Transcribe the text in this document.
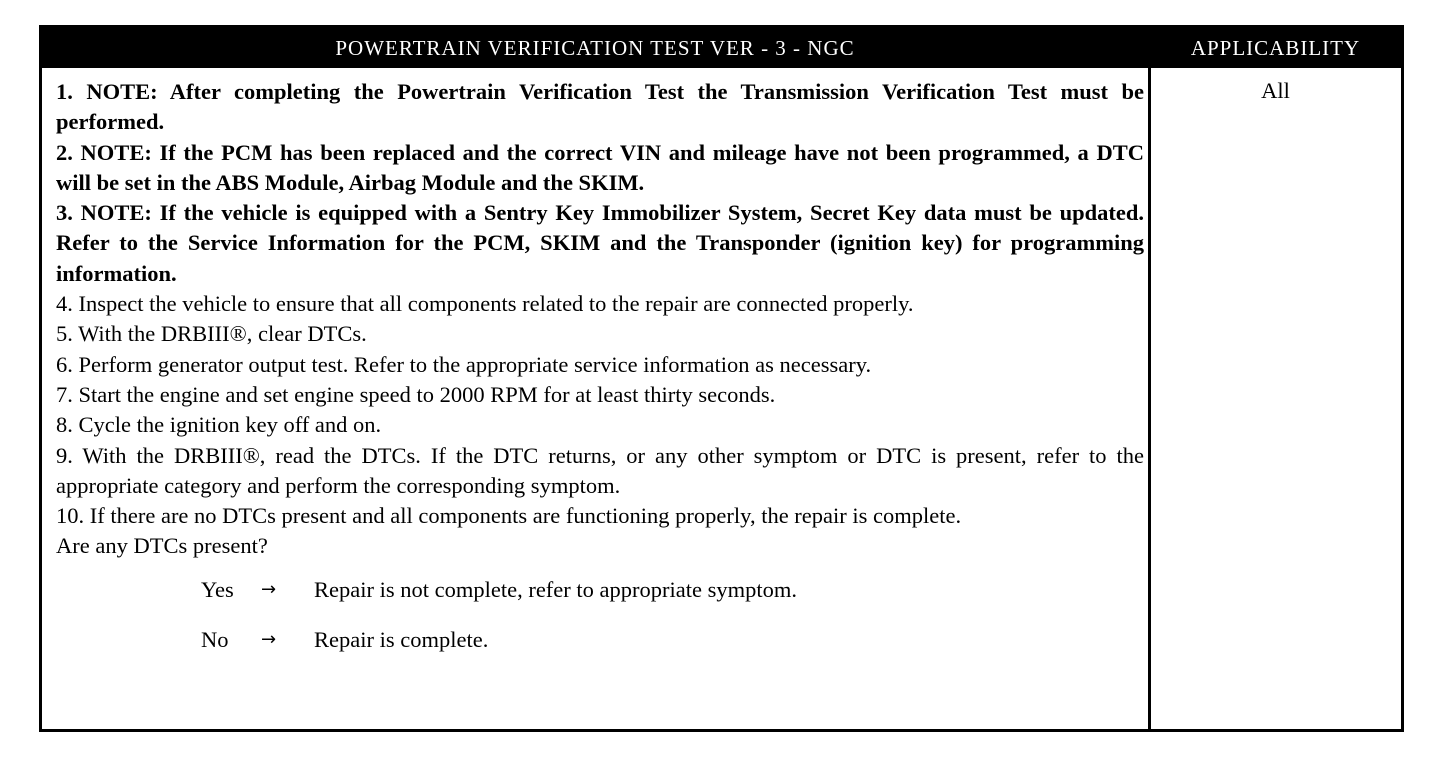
POWERTRAIN VERIFICATION TEST VER - 3 - NGC	APPLICABILITY
1. NOTE: After completing the Powertrain Verification Test the Transmission Verification Test must be performed.
2. NOTE: If the PCM has been replaced and the correct VIN and mileage have not been programmed, a DTC will be set in the ABS Module, Airbag Module and the SKIM.
3. NOTE: If the vehicle is equipped with a Sentry Key Immobilizer System, Secret Key data must be updated. Refer to the Service Information for the PCM, SKIM and the Transponder (ignition key) for programming information.
4. Inspect the vehicle to ensure that all components related to the repair are connected properly.
5. With the DRBIII®, clear DTCs.
6. Perform generator output test. Refer to the appropriate service information as necessary.
7. Start the engine and set engine speed to 2000 RPM for at least thirty seconds.
8. Cycle the ignition key off and on.
9. With the DRBIII®, read the DTCs. If the DTC returns, or any other symptom or DTC is present, refer to the appropriate category and perform the corresponding symptom.
10. If there are no DTCs present and all components are functioning properly, the repair is complete.
Are any DTCs present?
Yes → Repair is not complete, refer to appropriate symptom.
No → Repair is complete.
All
